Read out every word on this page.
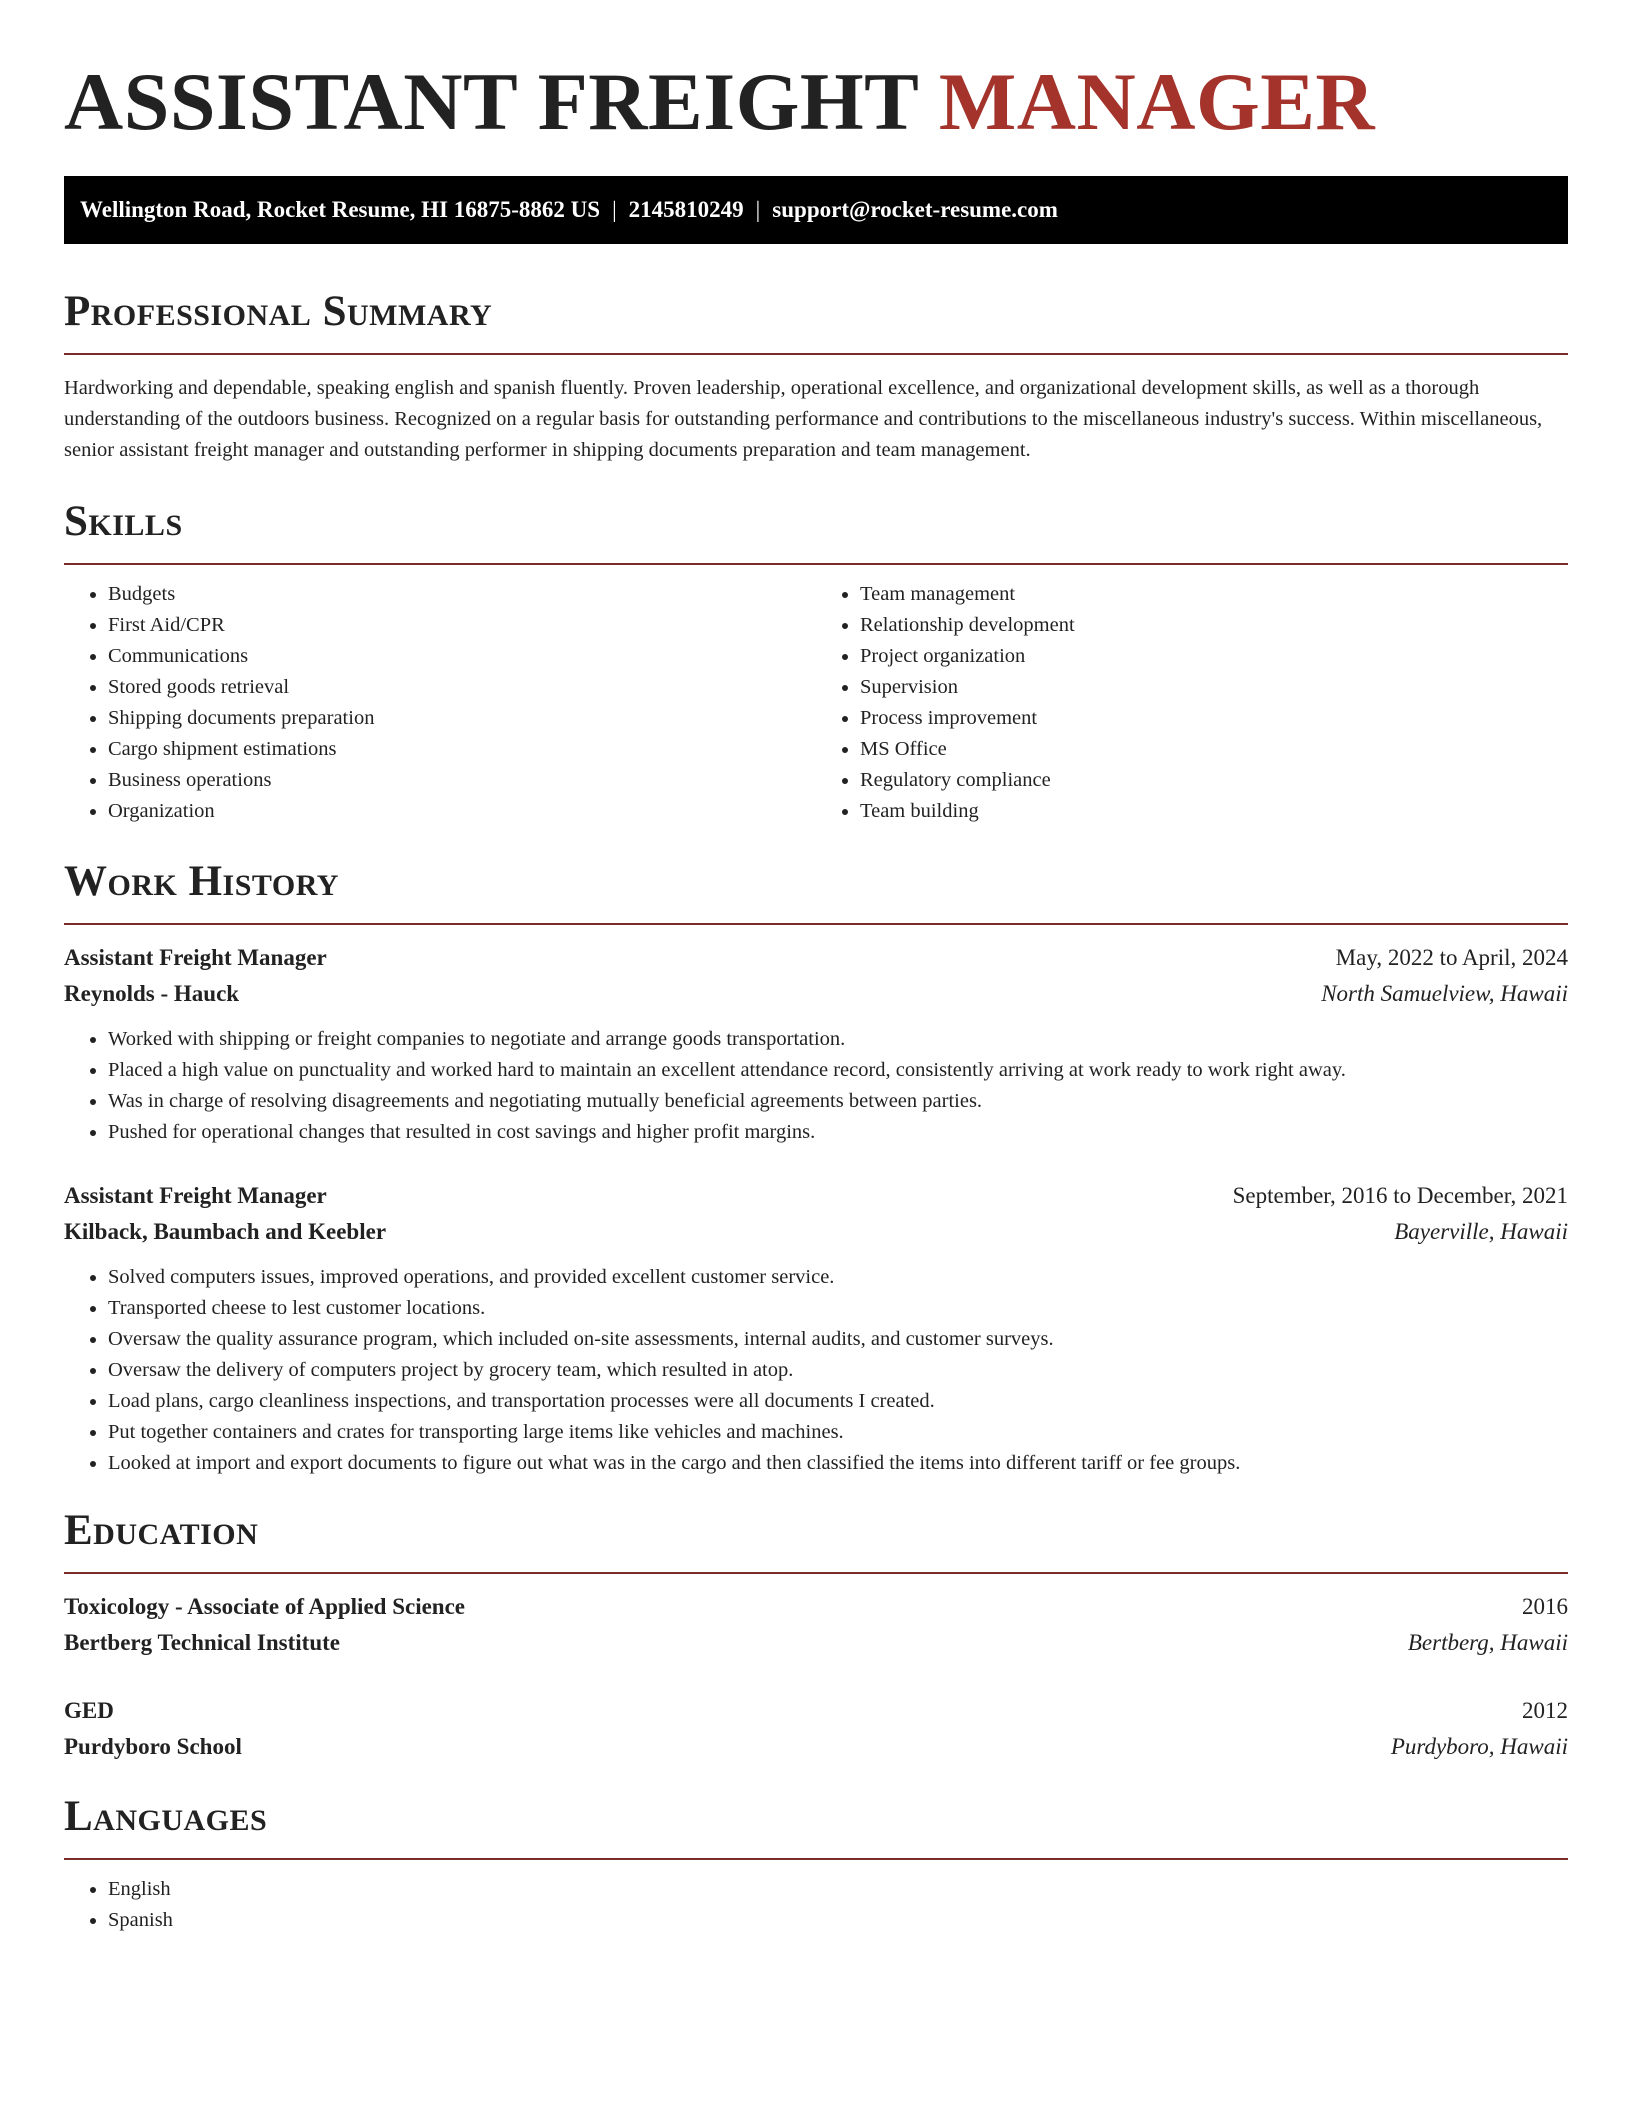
ASSISTANT FREIGHT MANAGER
Wellington Road, Rocket Resume, HI 16875-8862 US | 2145810249 | support@rocket-resume.com
Professional Summary

Hardworking and dependable, speaking english and spanish fluently. Proven leadership, operational excellence, and organizational development skills, as well as a thorough understanding of the outdoors business. Recognized on a regular basis for outstanding performance and contributions to the miscellaneous industry's success. Within miscellaneous, senior assistant freight manager and outstanding performer in shipping documents preparation and team management.

Skills
• Budgets
• First Aid/CPR
• Communications
• Stored goods retrieval
• Shipping documents preparation
• Cargo shipment estimations
• Business operations
• Organization
• Team management
• Relationship development
• Project organization
• Supervision
• Process improvement
• MS Office
• Regulatory compliance
• Team building
Work History
Assistant Freight Manager	May, 2022 to April, 2024
Reynolds - Hauck	North Samuelview, Hawaii
• Worked with shipping or freight companies to negotiate and arrange goods transportation.
• Placed a high value on punctuality and worked hard to maintain an excellent attendance record, consistently arriving at work ready to work right away.
• Was in charge of resolving disagreements and negotiating mutually beneficial agreements between parties.
• Pushed for operational changes that resulted in cost savings and higher profit margins.
Assistant Freight Manager	September, 2016 to December, 2021
Kilback, Baumbach and Keebler	Bayerville, Hawaii
• Solved computers issues, improved operations, and provided excellent customer service.
• Transported cheese to lest customer locations.
• Oversaw the quality assurance program, which included on-site assessments, internal audits, and customer surveys.
• Oversaw the delivery of computers project by grocery team, which resulted in atop.
• Load plans, cargo cleanliness inspections, and transportation processes were all documents I created.
• Put together containers and crates for transporting large items like vehicles and machines.
• Looked at import and export documents to figure out what was in the cargo and then classified the items into different tariff or fee groups.
Education
Toxicology - Associate of Applied Science	2016
Bertberg Technical Institute	Bertberg, Hawaii
GED	2012
Purdyboro School	Purdyboro, Hawaii
Languages
• English
• Spanish
